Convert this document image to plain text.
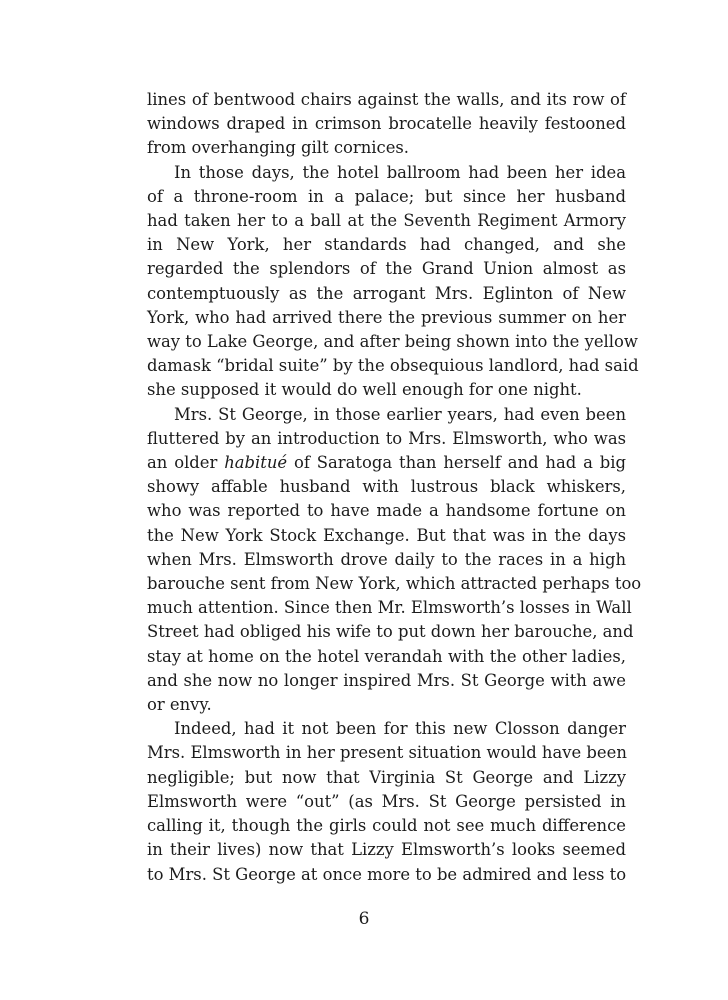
lines of bentwood chairs against the walls, and its row of
windows draped in crimson brocatelle heavily festooned
from overhanging gilt cornices.
In those days, the hotel ballroom had been her idea
of a throne-room in a palace; but since her husband
had taken her to a ball at the Seventh Regiment Armory
in New York, her standards had changed, and she
regarded the splendors of the Grand Union almost as
contemptuously as the arrogant Mrs. Eglinton of New
York, who had arrived there the previous summer on her
way to Lake George, and after being shown into the yellow
damask “bridal suite” by the obsequious landlord, had said
she supposed it would do well enough for one night.
Mrs. St George, in those earlier years, had even been
fluttered by an introduction to Mrs. Elmsworth, who was
an older habitué of Saratoga than herself and had a big
showy affable husband with lustrous black whiskers,
who was reported to have made a handsome fortune on
the New York Stock Exchange. But that was in the days
when Mrs. Elmsworth drove daily to the races in a high
barouche sent from New York, which attracted perhaps too
much attention. Since then Mr. Elmsworth’s losses in Wall
Street had obliged his wife to put down her barouche, and
stay at home on the hotel verandah with the other ladies,
and she now no longer inspired Mrs. St George with awe
or envy.
Indeed, had it not been for this new Closson danger
Mrs. Elmsworth in her present situation would have been
negligible; but now that Virginia St George and Lizzy
Elmsworth were “out” (as Mrs. St George persisted in
calling it, though the girls could not see much difference
in their lives) now that Lizzy Elmsworth’s looks seemed
to Mrs. St George at once more to be admired and less to
6
